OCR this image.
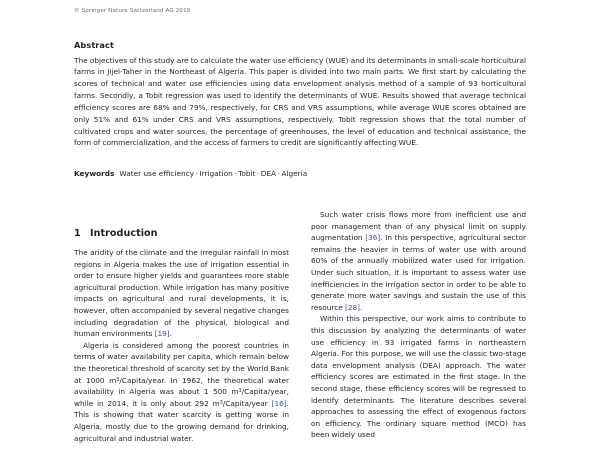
© Springer Nature Switzerland AG 2019
Abstract

The objectives of this study are to calculate the water use efficiency (WUE) and its determinants in small-scale horticultural farms in Jijel-Taher in the Northeast of Algeria. This paper is divided into two main parts. We first start by calculating the scores of technical and water use efficiencies using data envelopment analysis method of a sample of 93 horticultural farms. Secondly, a Tobit regression was used to identify the determinants of WUE. Results showed that average technical efficiency scores are 68% and 79%, respectively, for CRS and VRS assumptions, while average WUE scores obtained are only 51% and 61% under CRS and VRS assumptions, respectively. Tobit regression shows that the total number of cultivated crops and water sources, the percentage of greenhouses, the level of education and technical assistance, the form of commercialization, and the access of farmers to credit are significantly affecting WUE.

Keywords Water use efficiency · Irrigation · Tobit · DEA · Algeria
1 Introduction

The aridity of the climate and the irregular rainfall in most regions in Algeria makes the use of irrigation essential in order to ensure higher yields and guarantees more stable agricultural production. While irrigation has many positive impacts on agricultural and rural developments, it is, however, often accompanied by several negative changes including degradation of the physical, biological and human environments [19].

Algeria is considered among the poorest countries in terms of water availability per capita, which remain below the theoretical threshold of scarcity set by the World Bank at 1000 $m^3/Capita$/year. In 1962, the theoretical water availability in Algeria was about 1 500 $m^3/Capita$/year, while in 2014, it is only about 292 $m^3/Capita$/year [16]. This is showing that water scarcity is getting worse in Algeria, mostly due to the growing demand for drinking, agricultural and industrial water.

Such water crisis flows more from inefficient use and poor management than of any physical limit on supply augmentation [36]. In this perspective, agricultural sector remains the heavier in terms of water use with around 60% of the annually mobilized water used for irrigation. Under such situation, it is important to assess water use inefficiencies in the irrigation sector in order to be able to generate more water savings and sustain the use of this resource [28].

Within this perspective, our work aims to contribute to this discussion by analyzing the determinants of water use efficiency in 93 irrigated farms in northeastern Algeria. For this purpose, we will use the classic two-stage data envelopment analysis (DEA) approach. The water efficiency scores are estimated in the first stage. In the second stage, these efficiency scores will be regressed to identify determinants. The literature describes several approaches to assessing the effect of exogenous factors on efficiency. The ordinary square method (MCO) has been widely used
